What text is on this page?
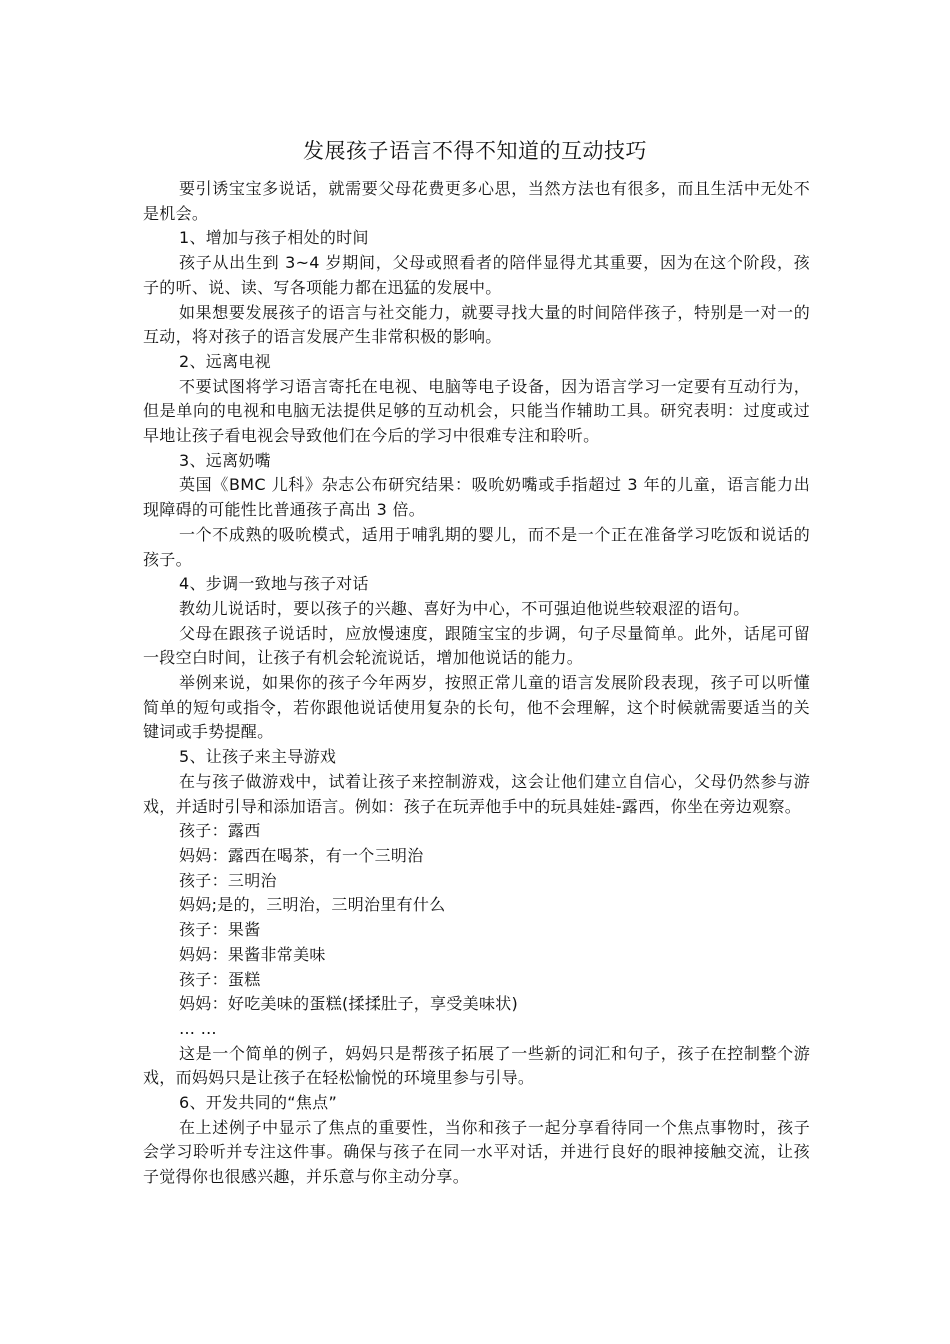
发展孩子语言不得不知道的互动技巧

要引诱宝宝多说话，就需要父母花费更多心思，当然方法也有很多，而且生活中无处不是机会。

1、增加与孩子相处的时间

孩子从出生到 3~4 岁期间，父母或照看者的陪伴显得尤其重要，因为在这个阶段，孩子的听、说、读、写各项能力都在迅猛的发展中。

如果想要发展孩子的语言与社交能力，就要寻找大量的时间陪伴孩子，特别是一对一的互动，将对孩子的语言发展产生非常积极的影响。

2、远离电视

不要试图将学习语言寄托在电视、电脑等电子设备，因为语言学习一定要有互动行为，但是单向的电视和电脑无法提供足够的互动机会，只能当作辅助工具。研究表明：过度或过早地让孩子看电视会导致他们在今后的学习中很难专注和聆听。

3、远离奶嘴

英国《BMC 儿科》杂志公布研究结果：吸吮奶嘴或手指超过 3 年的儿童，语言能力出现障碍的可能性比普通孩子高出 3 倍。

一个不成熟的吸吮模式，适用于哺乳期的婴儿，而不是一个正在准备学习吃饭和说话的孩子。

4、步调一致地与孩子对话

教幼儿说话时，要以孩子的兴趣、喜好为中心，不可强迫他说些较艰涩的语句。

父母在跟孩子说话时，应放慢速度，跟随宝宝的步调，句子尽量简单。此外，话尾可留一段空白时间，让孩子有机会轮流说话，增加他说话的能力。

举例来说，如果你的孩子今年两岁，按照正常儿童的语言发展阶段表现，孩子可以听懂简单的短句或指令，若你跟他说话使用复杂的长句，他不会理解，这个时候就需要适当的关键词或手势提醒。

5、让孩子来主导游戏

在与孩子做游戏中，试着让孩子来控制游戏，这会让他们建立自信心，父母仍然参与游戏，并适时引导和添加语言。例如：孩子在玩弄他手中的玩具娃娃-露西，你坐在旁边观察。

孩子：露西

妈妈：露西在喝茶，有一个三明治

孩子：三明治

妈妈;是的，三明治，三明治里有什么

孩子：果酱

妈妈：果酱非常美味

孩子：蛋糕

妈妈：好吃美味的蛋糕(揉揉肚子，享受美味状)

… …

这是一个简单的例子，妈妈只是帮孩子拓展了一些新的词汇和句子，孩子在控制整个游戏，而妈妈只是让孩子在轻松愉悦的环境里参与引导。

6、开发共同的“焦点”

在上述例子中显示了焦点的重要性，当你和孩子一起分享看待同一个焦点事物时，孩子会学习聆听并专注这件事。确保与孩子在同一水平对话，并进行良好的眼神接触交流，让孩子觉得你也很感兴趣，并乐意与你主动分享。
